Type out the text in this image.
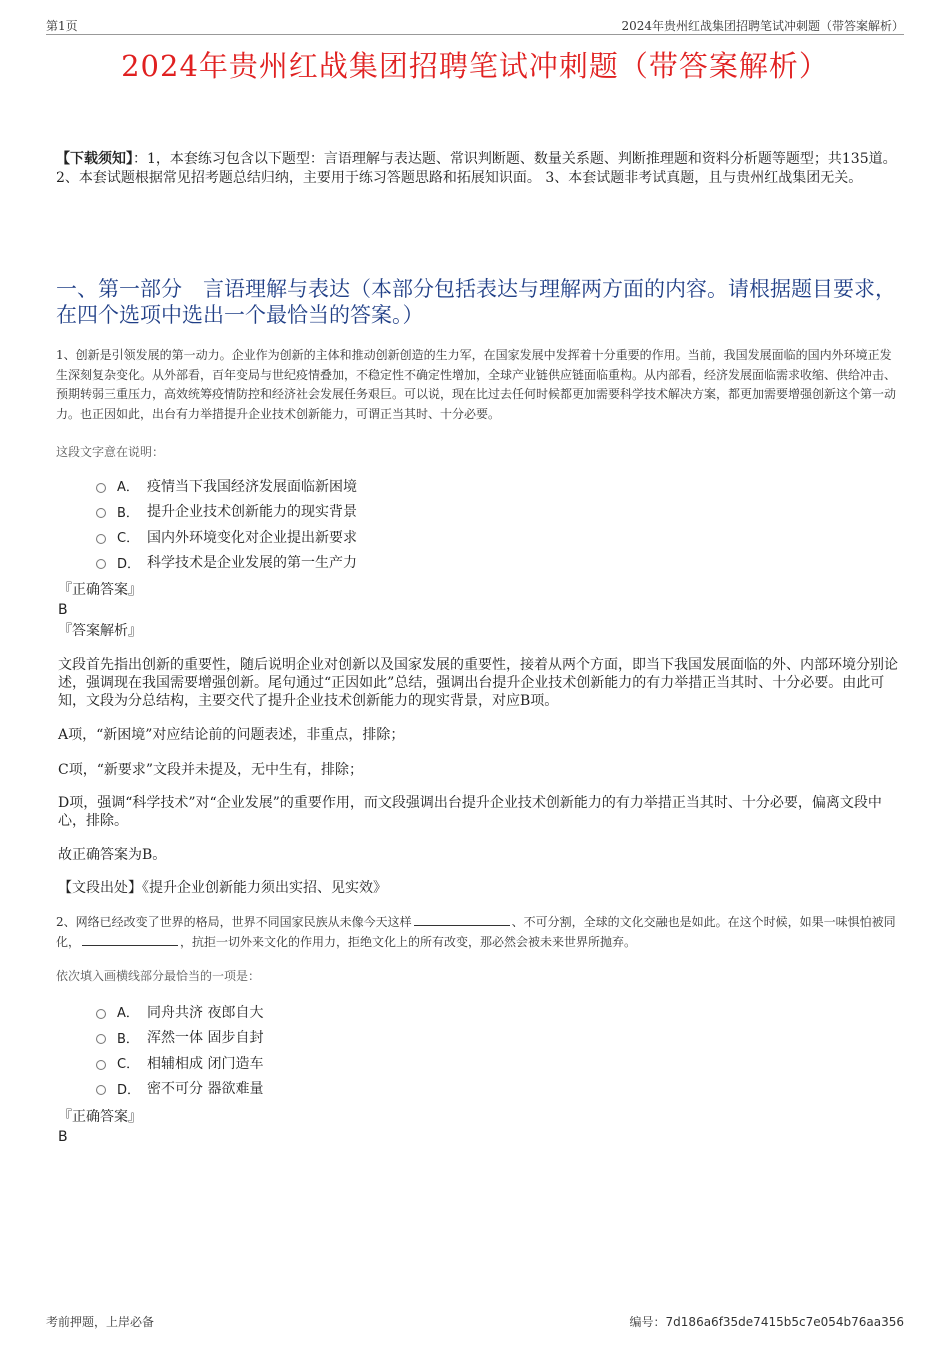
第1页	2024年贵州红战集团招聘笔试冲刺题（带答案解析）
2024年贵州红战集团招聘笔试冲刺题（带答案解析）
【下载须知】：1，本套练习包含以下题型：言语理解与表达题、常识判断题、数量关系题、判断推理题和资料分析题等题型；共135道。 2、本套试题根据常见招考题总结归纳，主要用于练习答题思路和拓展知识面。 3、本套试题非考试真题，且与贵州红战集团无关。
一、第一部分　言语理解与表达（本部分包括表达与理解两方面的内容。请根据题目要求，在四个选项中选出一个最恰当的答案。）
1、创新是引领发展的第一动力。企业作为创新的主体和推动创新创造的生力军，在国家发展中发挥着十分重要的作用。当前，我国发展面临的国内外环境正发生深刻复杂变化。从外部看，百年变局与世纪疫情叠加，不稳定性不确定性增加，全球产业链供应链面临重构。从内部看，经济发展面临需求收缩、供给冲击、预期转弱三重压力，高效统筹疫情防控和经济社会发展任务艰巨。可以说，现在比过去任何时候都更加需要科学技术解决方案，都更加需要增强创新这个第一动力。也正因如此，出台有力举措提升企业技术创新能力，可谓正当其时、十分必要。
这段文字意在说明：
A． 疫情当下我国经济发展面临新困境
B． 提升企业技术创新能力的现实背景
C． 国内外环境变化对企业提出新要求
D． 科学技术是企业发展的第一生产力
『正确答案』
B
『答案解析』
文段首先指出创新的重要性，随后说明企业对创新以及国家发展的重要性，接着从两个方面，即当下我国发展面临的外、内部环境分别论述，强调现在我国需要增强创新。尾句通过“正因如此”总结，强调出台提升企业技术创新能力的有力举措正当其时、十分必要。由此可知，文段为分总结构，主要交代了提升企业技术创新能力的现实背景，对应B项。
A项，“新困境”对应结论前的问题表述，非重点，排除；
C项，“新要求”文段并未提及，无中生有，排除；
D项，强调“科学技术”对“企业发展”的重要作用，而文段强调出台提升企业技术创新能力的有力举措正当其时、十分必要，偏离文段中心，排除。
故正确答案为B。
【文段出处】《提升企业创新能力须出实招、见实效》
2、网络已经改变了世界的格局，世界不同国家民族从未像今天这样	、不可分割，全球的文化交融也是如此。在这个时候，如果一味惧怕被同化，	，抗拒一切外来文化的作用力，拒绝文化上的所有改变，那必然会被未来世界所抛弃。
依次填入画横线部分最恰当的一项是：
A． 同舟共济 夜郎自大
B． 浑然一体 固步自封
C． 相辅相成 闭门造车
D． 密不可分 器欲难量
『正确答案』
B
考前押题，上岸必备	编号：7d186a6f35de7415b5c7e054b76aa356
